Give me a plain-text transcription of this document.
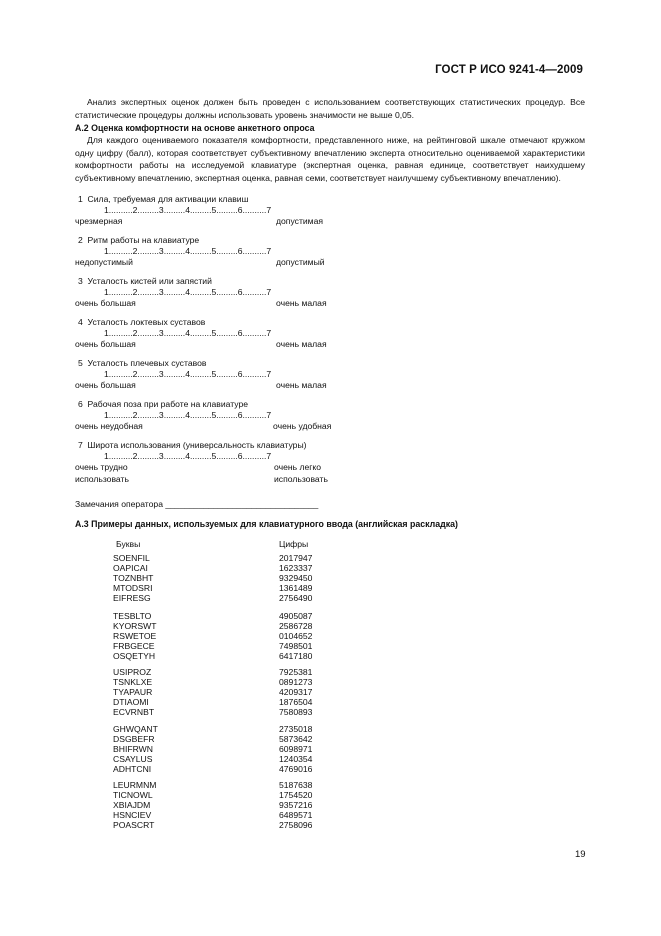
ГОСТ Р ИСО 9241-4—2009
Анализ экспертных оценок должен быть проведен с использованием соответствующих статистических процедур. Все статистические процедуры должны использовать уровень значимости не выше 0,05.
А.2 Оценка комфортности на основе анкетного опроса
Для каждого оцениваемого показателя комфортности, представленного ниже, на рейтинговой шкале отмечают кружком одну цифру (балл), которая соответствует субъективному впечатлению эксперта относительно оцениваемой характеристики комфортности работы на исследуемой клавиатуре (экспертная оценка, равная единице, соответствует наихудшему субъективному впечатлению, экспертная оценка, равная семи, соответствует наилучшему субъективному впечатлению).
1  Сила, требуемая для активации клавиш
1..........2.........3.........4.........5.........6..........7
чрезмерная	допустимая
2  Ритм работы на клавиатуре
1..........2.........3.........4.........5.........6..........7
недопустимый	допустимый
3  Усталость кистей или запястий
1..........2.........3.........4.........5.........6..........7
очень большая	очень малая
4  Усталость локтевых суставов
1..........2.........3.........4.........5.........6..........7
очень большая	очень малая
5  Усталость плечевых суставов
1..........2.........3.........4.........5.........6..........7
очень большая	очень малая
6  Рабочая поза при работе на клавиатуре
1..........2.........3.........4.........5.........6..........7
очень неудобная	очень удобная
7  Широта использования (универсальность клавиатуры)
1..........2.........3.........4.........5.........6..........7
очень трудно	очень легко
использовать	использовать
Замечания оператора ________________________________
А.3 Примеры данных, используемых для клавиатурного ввода (английская раскладка)
Буквы	Цифры
SOENFIL	2017947
OAPICAI	1623337
TOZNBHT	9329450
MTODSRI	1361489
EIFRESG	2756490
TESBLTO	4905087
KYORSWT	2586728
RSWETOE	0104652
FRBGECE	7498501
OSQETYH	6417180
USIPROZ	7925381
TSNKLXE	0891273
TYAPAUR	4209317
DTIAOMI	1876504
ECVRNBT	7580893
GHWQANT	2735018
DSGBEFR	5873642
BHIFRWN	6098971
CSAYLUS	1240354
ADHTCNI	4769016
LEURMNM	5187638
TICNOWL	1754520
XBIAJDM	9357216
HSNCIEV	6489571
POASCRT	2758096
19
